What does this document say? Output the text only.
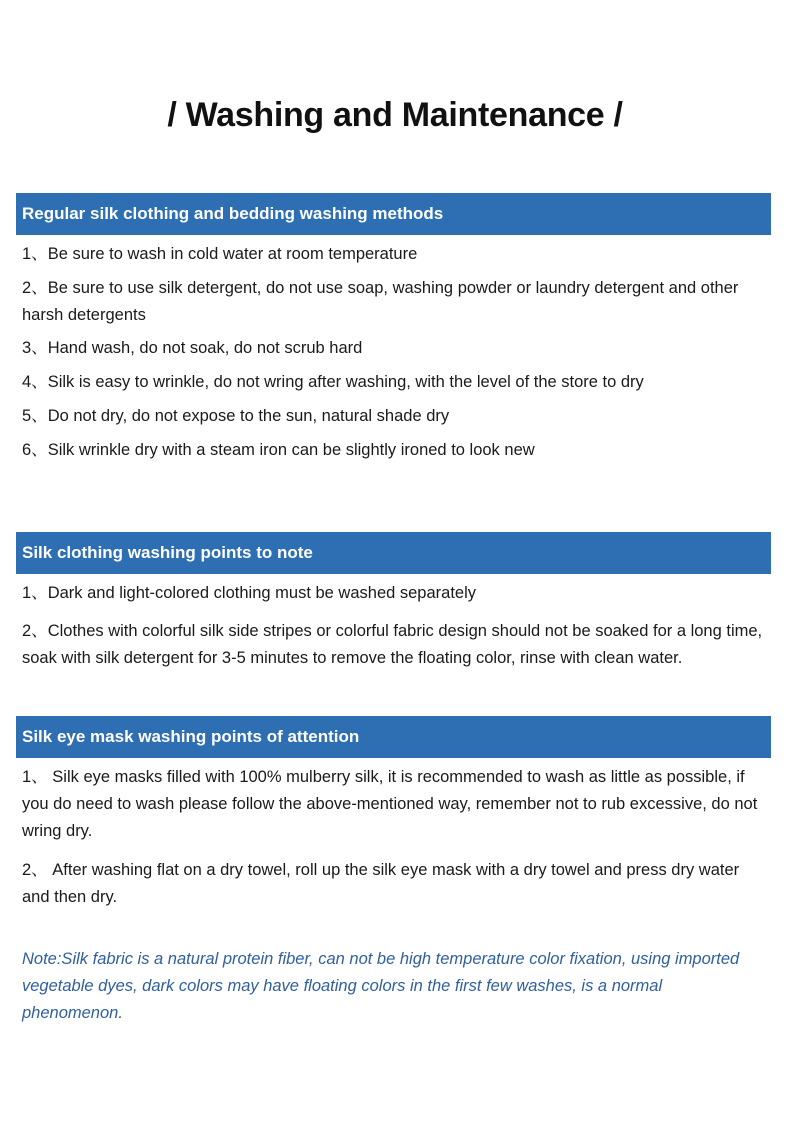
/ Washing and Maintenance /
Regular silk clothing and bedding washing methods
1、Be sure to wash in cold water at room temperature
2、Be sure to use silk detergent, do not use soap, washing powder or laundry detergent and other harsh detergents
3、Hand wash, do not soak, do not scrub hard
4、Silk is easy to wrinkle, do not wring after washing, with the level of the store to dry
5、Do not dry, do not expose to the sun, natural shade dry
6、Silk wrinkle dry with a steam iron can be slightly ironed to look new
Silk clothing washing points to note
1、Dark and light-colored clothing must be washed separately
2、Clothes with colorful silk side stripes or colorful fabric design should not be soaked for a long time, soak with silk detergent for 3-5 minutes to remove the floating color, rinse with clean water.
Silk eye mask washing points of attention
1、 Silk eye masks filled with 100% mulberry silk, it is recommended to wash as little as possible, if you do need to wash please follow the above-mentioned way, remember not to rub excessive, do not wring dry.
2、 After washing flat on a dry towel, roll up the silk eye mask with a dry towel and press dry water and then dry.
Note:Silk fabric is a natural protein fiber, can not be high temperature color fixation, using imported vegetable dyes, dark colors may have floating colors in the first few washes, is a normal phenomenon.
